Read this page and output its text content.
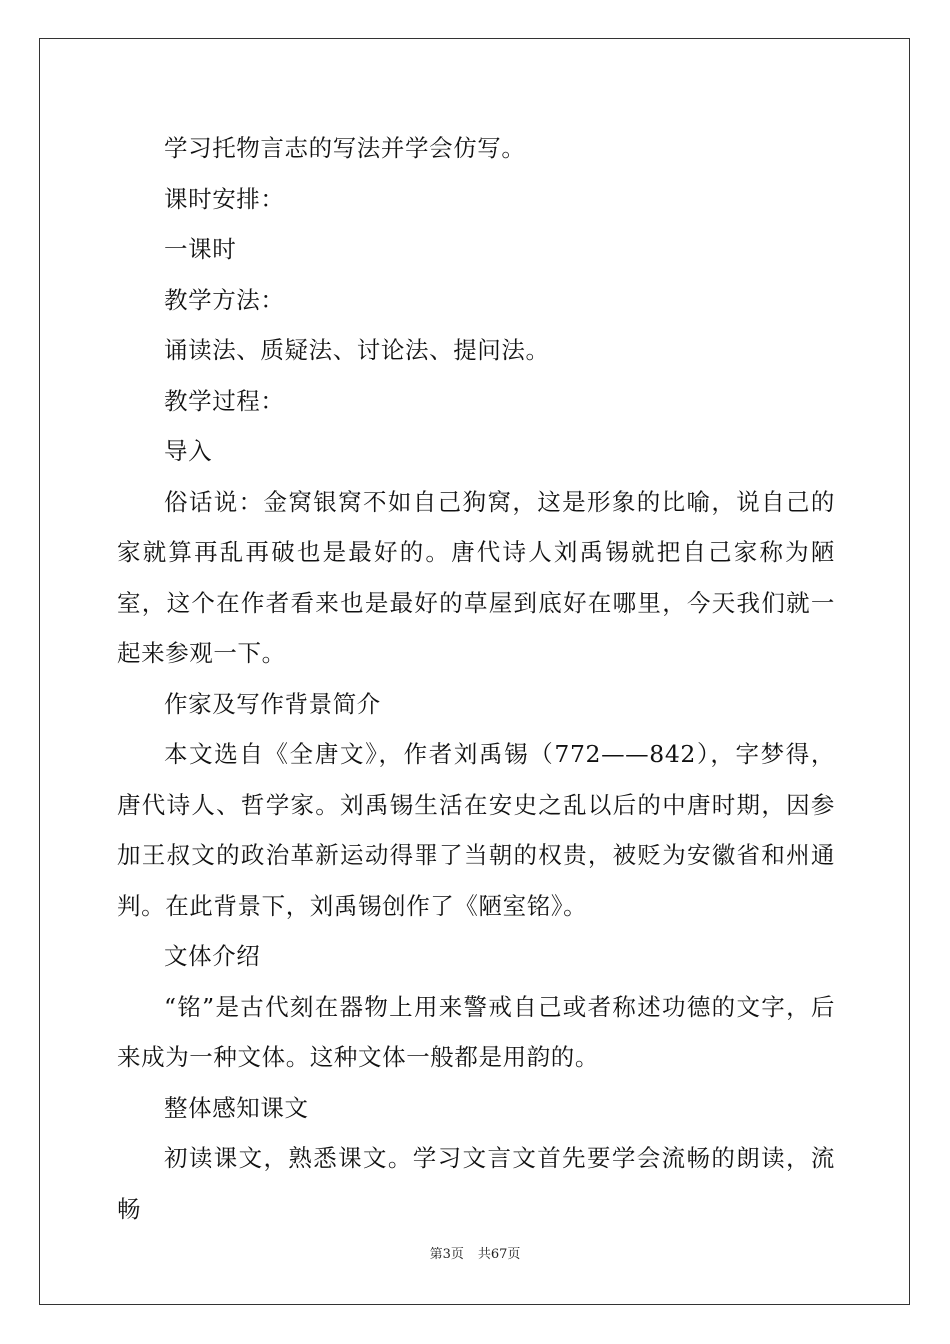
学习托物言志的写法并学会仿写。

课时安排：

一课时

教学方法：

诵读法、质疑法、讨论法、提问法。

教学过程：

导入

俗话说：金窝银窝不如自己狗窝，这是形象的比喻，说自己的家就算再乱再破也是最好的。唐代诗人刘禹锡就把自己家称为陋室，这个在作者看来也是最好的草屋到底好在哪里，今天我们就一起来参观一下。

作家及写作背景简介

本文选自《全唐文》，作者刘禹锡（772——842），字梦得，唐代诗人、哲学家。刘禹锡生活在安史之乱以后的中唐时期，因参加王叔文的政治革新运动得罪了当朝的权贵，被贬为安徽省和州通判。在此背景下，刘禹锡创作了《陋室铭》。

文体介绍

“铭”是古代刻在器物上用来警戒自己或者称述功德的文字，后来成为一种文体。这种文体一般都是用韵的。

整体感知课文

初读课文，熟悉课文。学习文言文首先要学会流畅的朗读，流畅

第3页 共67页
